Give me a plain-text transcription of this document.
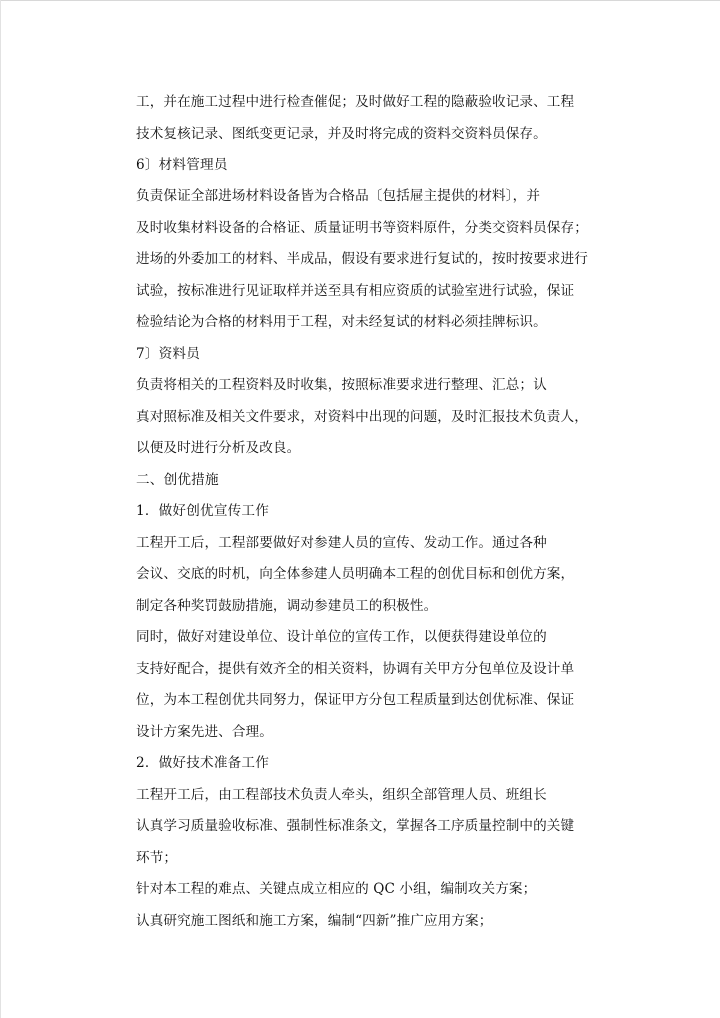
工，并在施工过程中进行检查催促；及时做好工程的隐蔽验收记录、工程
技术复核记录、图纸变更记录，并及时将完成的资料交资料员保存。
6〕材料管理员
负责保证全部进场材料设备皆为合格品〔包括屉主提供的材料〕，并
及时收集材料设备的合格证、质量证明书等资料原件，分类交资料员保存；
进场的外委加工的材料、半成品，假设有要求进行复试的，按时按要求进行
试验，按标准进行见证取样并送至具有相应资质的试验室进行试验，保证
检验结论为合格的材料用于工程，对未经复试的材料必须挂牌标识。
7〕资料员
负责将相关的工程资料及时收集，按照标准要求进行整理、汇总；认
真对照标准及相关文件要求，对资料中出现的问题，及时汇报技术负责人，
以便及时进行分析及改良。
二、创优措施
1．做好创优宣传工作
工程开工后，工程部要做好对参建人员的宣传、发动工作。通过各种
会议、交底的时机，向全体参建人员明确本工程的创优目标和创优方案，
制定各种奖罚鼓励措施，调动参建员工的积极性。
同时，做好对建设单位、设计单位的宣传工作，以便获得建设单位的
支持好配合，提供有效齐全的相关资料，协调有关甲方分包单位及设计单
位，为本工程创优共同努力，保证甲方分包工程质量到达创优标准、保证
设计方案先进、合理。
2．做好技术准备工作
工程开工后，由工程部技术负责人牵头，组织全部管理人员、班组长
认真学习质量验收标准、强制性标准条文，掌握各工序质量控制中的关键
环节；
针对本工程的难点、关键点成立相应的 QC 小组，编制攻关方案；
认真研究施工图纸和施工方案，编制“四新”推广应用方案；
